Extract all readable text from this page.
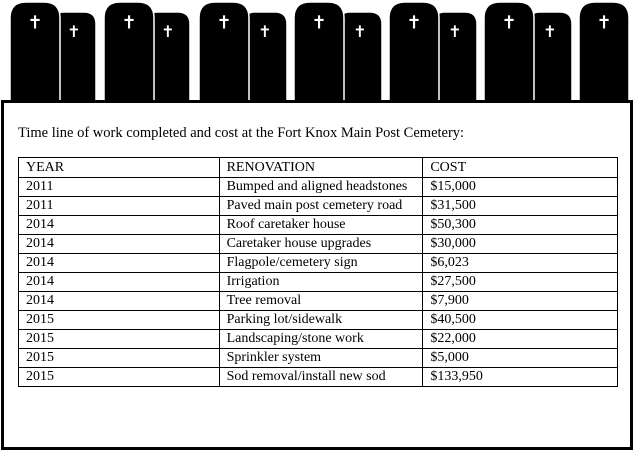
✝	✝	✝	✝	✝	✝
✝	✝	✝	✝	✝	✝	✝
Time line of work completed and cost at the Fort Knox Main Post Cemetery:
YEAR	RENOVATION	COST
2011	Bumped and aligned headstones	$15,000
2011	Paved main post cemetery road	$31,500
2014	Roof caretaker house	$50,300
2014	Caretaker house upgrades	$30,000
2014	Flagpole/cemetery sign	$6,023
2014	Irrigation	$27,500
2014	Tree removal	$7,900
2015	Parking lot/sidewalk	$40,500
2015	Landscaping/stone work	$22,000
2015	Sprinkler system	$5,000
2015	Sod removal/install new sod	$133,950
